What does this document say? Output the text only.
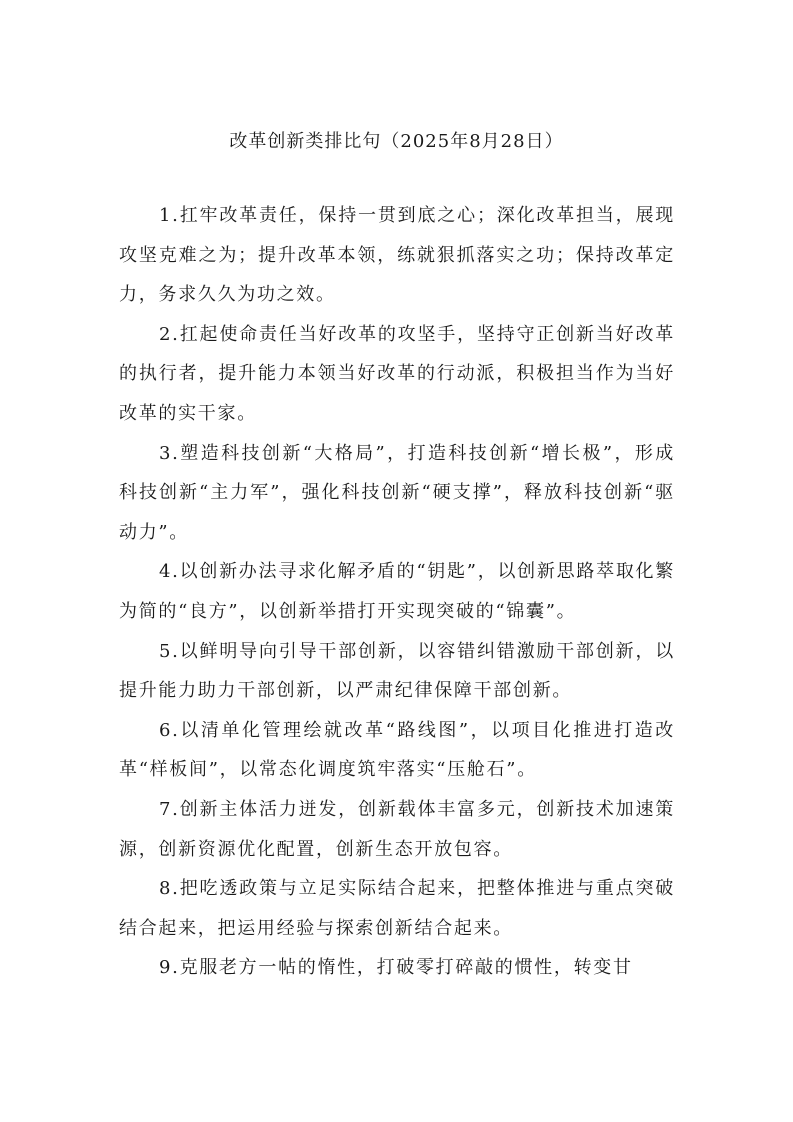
改革创新类排比句（2025年8月28日）

1.扛牢改革责任，保持一贯到底之心；深化改革担当，展现攻坚克难之为；提升改革本领，练就狠抓落实之功；保持改革定力，务求久久为功之效。

2.扛起使命责任当好改革的攻坚手，坚持守正创新当好改革的执行者，提升能力本领当好改革的行动派，积极担当作为当好改革的实干家。

3.塑造科技创新“大格局”，打造科技创新“增长极”，形成科技创新“主力军”，强化科技创新“硬支撑”，释放科技创新“驱动力”。

4.以创新办法寻求化解矛盾的“钥匙”，以创新思路萃取化繁为简的“良方”，以创新举措打开实现突破的“锦囊”。

5.以鲜明导向引导干部创新，以容错纠错激励干部创新，以提升能力助力干部创新，以严肃纪律保障干部创新。

6.以清单化管理绘就改革“路线图”，以项目化推进打造改革“样板间”，以常态化调度筑牢落实“压舱石”。

7.创新主体活力迸发，创新载体丰富多元，创新技术加速策源，创新资源优化配置，创新生态开放包容。

8.把吃透政策与立足实际结合起来，把整体推进与重点突破结合起来，把运用经验与探索创新结合起来。

9.克服老方一帖的惰性，打破零打碎敲的惯性，转变甘
